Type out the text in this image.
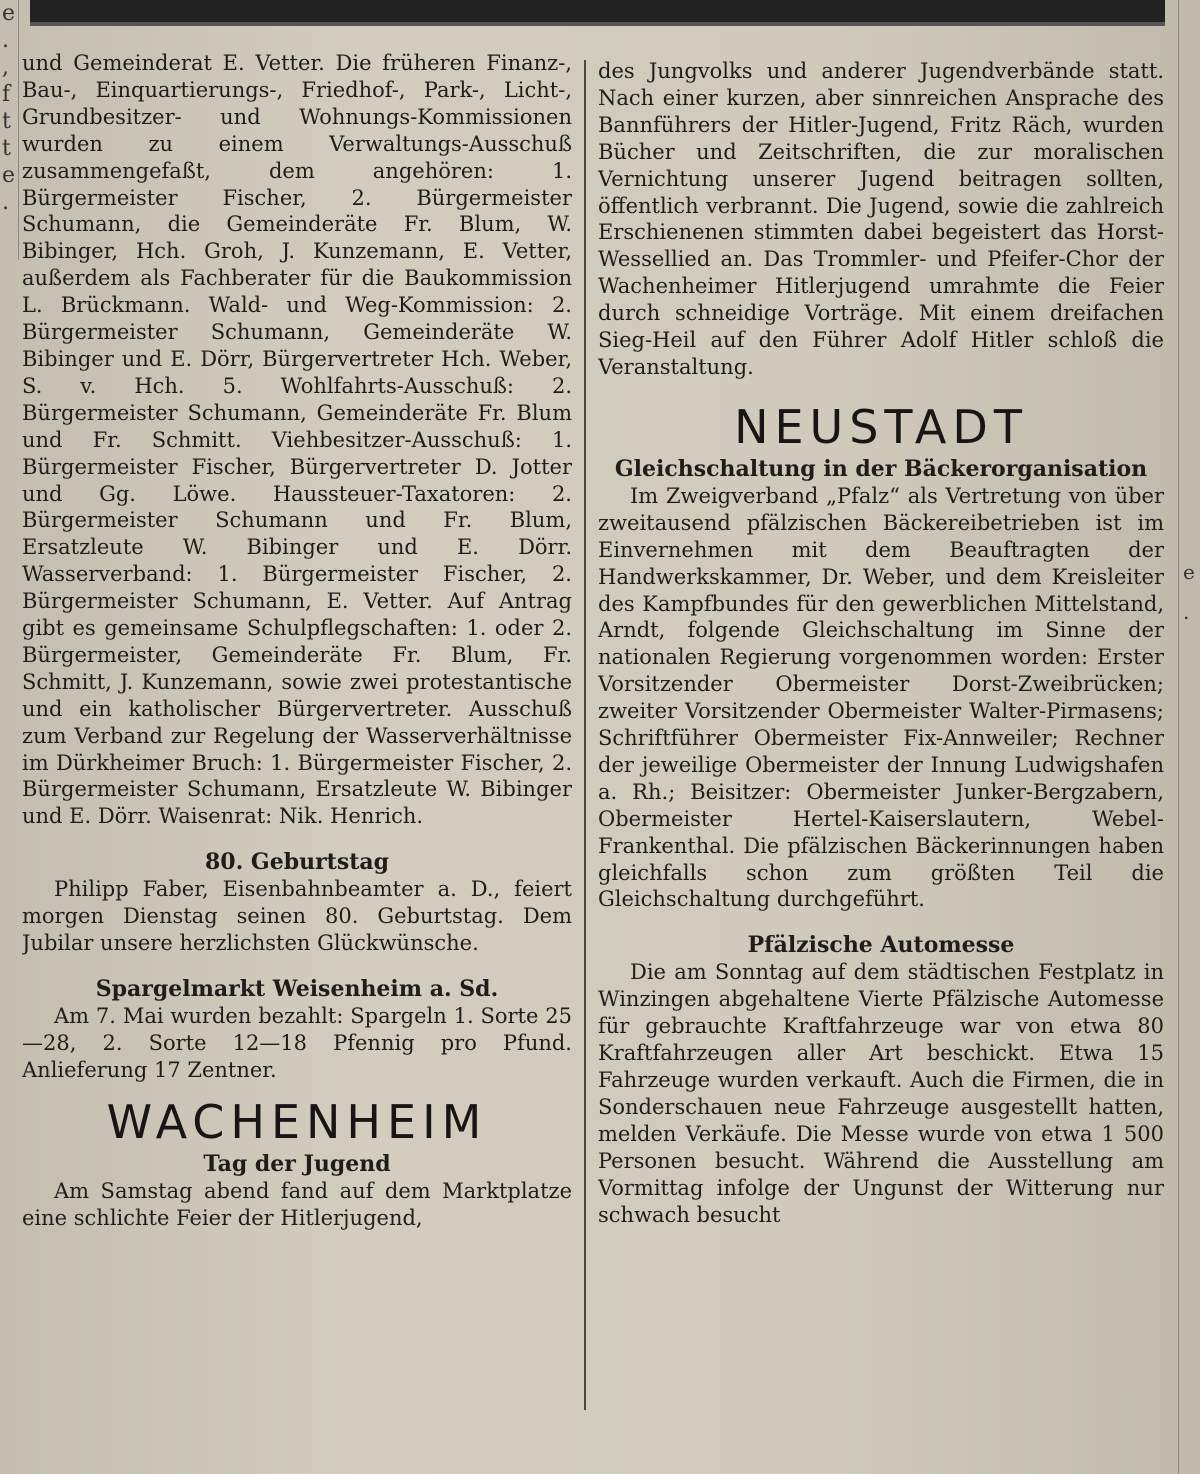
e
.
,
f
t
t
e
.
e
.

und Gemeinderat E. Vetter. Die früheren Finanz-, Bau-, Einquartierungs-, Friedhof-, Park-, Licht-, Grundbesitzer- und Wohnungs-Kommissionen wurden zu einem Verwaltungs-Ausschuß zusammengefaßt, dem angehören: 1. Bürgermeister Fischer, 2. Bürgermeister Schumann, die Gemeinderäte Fr. Blum, W. Bibinger, Hch. Groh, J. Kunzemann, E. Vetter, außerdem als Fachberater für die Baukommission L. Brückmann. Wald- und Weg-Kommission: 2. Bürgermeister Schumann, Gemeinderäte W. Bibinger und E. Dörr, Bürgervertreter Hch. Weber, S. v. Hch. 5. Wohlfahrts-Ausschuß: 2. Bürgermeister Schumann, Gemeinderäte Fr. Blum und Fr. Schmitt. Viehbesitzer-Ausschuß: 1. Bürgermeister Fischer, Bürgervertreter D. Jotter und Gg. Löwe. Haussteuer-Taxatoren: 2. Bürgermeister Schumann und Fr. Blum, Ersatzleute W. Bibinger und E. Dörr. Wasserverband: 1. Bürgermeister Fischer, 2. Bürgermeister Schumann, E. Vetter. Auf Antrag gibt es gemeinsame Schulpflegschaften: 1. oder 2. Bürgermeister, Gemeinderäte Fr. Blum, Fr. Schmitt, J. Kunzemann, sowie zwei protestantische und ein katholischer Bürgervertreter. Ausschuß zum Verband zur Regelung der Wasserverhältnisse im Dürkheimer Bruch: 1. Bürgermeister Fischer, 2. Bürgermeister Schumann, Ersatzleute W. Bibinger und E. Dörr. Waisenrat: Nik. Henrich.

80. Geburtstag

Philipp Faber, Eisenbahnbeamter a. D., feiert morgen Dienstag seinen 80. Geburtstag. Dem Jubilar unsere herzlichsten Glückwünsche.

Spargelmarkt Weisenheim a. Sd.

Am 7. Mai wurden bezahlt: Spargeln 1. Sorte 25—28, 2. Sorte 12—18 Pfennig pro Pfund. Anlieferung 17 Zentner.

WACHENHEIM

Tag der Jugend

Am Samstag abend fand auf dem Marktplatze eine schlichte Feier der Hitlerjugend,

des Jungvolks und anderer Jugendverbände statt. Nach einer kurzen, aber sinnreichen Ansprache des Bannführers der Hitler-Jugend, Fritz Räch, wurden Bücher und Zeitschriften, die zur moralischen Vernichtung unserer Jugend beitragen sollten, öffentlich verbrannt. Die Jugend, sowie die zahlreich Erschienenen stimmten dabei begeistert das Horst-Wessellied an. Das Trommler- und Pfeifer-Chor der Wachenheimer Hitlerjugend umrahmte die Feier durch schneidige Vorträge. Mit einem dreifachen Sieg-Heil auf den Führer Adolf Hitler schloß die Veranstaltung.

NEUSTADT

Gleichschaltung in der Bäckerorganisation

Im Zweigverband „Pfalz“ als Vertretung von über zweitausend pfälzischen Bäckereibetrieben ist im Einvernehmen mit dem Beauftragten der Handwerkskammer, Dr. Weber, und dem Kreisleiter des Kampfbundes für den gewerblichen Mittelstand, Arndt, folgende Gleichschaltung im Sinne der nationalen Regierung vorgenommen worden: Erster Vorsitzender Obermeister Dorst-Zweibrücken; zweiter Vorsitzender Obermeister Walter-Pirmasens; Schriftführer Obermeister Fix-Annweiler; Rechner der jeweilige Obermeister der Innung Ludwigshafen a. Rh.; Beisitzer: Obermeister Junker-Bergzabern, Obermeister Hertel-Kaiserslautern, Webel-Frankenthal. Die pfälzischen Bäckerinnungen haben gleichfalls schon zum größten Teil die Gleichschaltung durchgeführt.

Pfälzische Automesse

Die am Sonntag auf dem städtischen Festplatz in Winzingen abgehaltene Vierte Pfälzische Automesse für gebrauchte Kraftfahrzeuge war von etwa 80 Kraftfahrzeugen aller Art beschickt. Etwa 15 Fahrzeuge wurden verkauft. Auch die Firmen, die in Sonderschauen neue Fahrzeuge ausgestellt hatten, melden Verkäufe. Die Messe wurde von etwa 1 500 Personen besucht. Während die Ausstellung am Vormittag infolge der Ungunst der Witterung nur schwach besucht
